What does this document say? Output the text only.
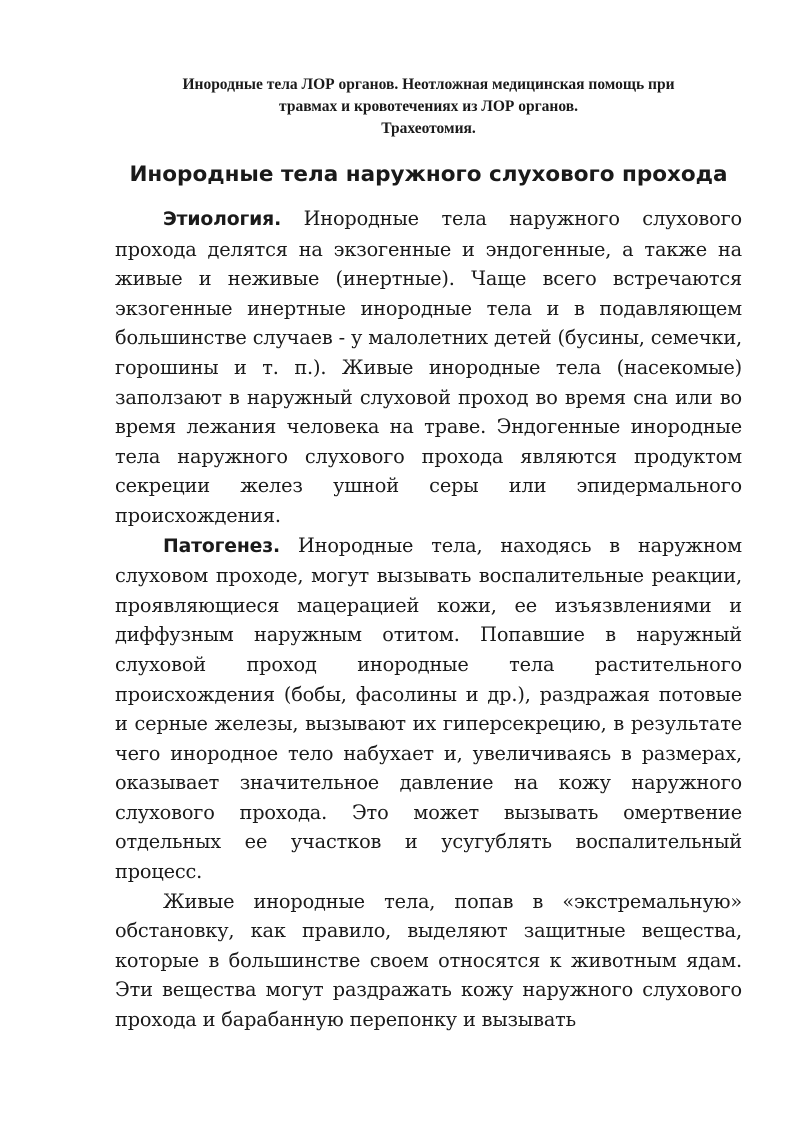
Инородные тела ЛОР органов. Неотложная медицинская помощь при
травмах и кровотечениях из ЛОР органов.
Трахеотомия.
Инородные тела наружного слухового прохода

Этиология. Инородные тела наружного слухового прохода делятся на экзогенные и эндогенные, а также на живые и неживые (инертные). Чаще всего встречаются экзогенные инертные инородные тела и в подавляющем большинстве случаев - у малолетних детей (бусины, семечки, горошины и т. п.). Живые инородные тела (насекомые) заползают в наружный слуховой проход во время сна или во время лежания человека на траве. Эндогенные инородные тела наружного слухового прохода являются продуктом секреции желез ушной серы или эпидермального происхождения.

Патогенез. Инородные тела, находясь в наружном слуховом проходе, могут вызывать воспалительные реакции, проявляющиеся мацерацией кожи, ее изъязвлениями и диффузным наружным отитом. Попавшие в наружный слуховой проход инородные тела растительного происхождения (бобы, фасолины и др.), раздражая потовые и серные железы, вызывают их гиперсекрецию, в результате чего инородное тело набухает и, увеличиваясь в размерах, оказывает значительное давление на кожу наружного слухового прохода. Это может вызывать омертвение отдельных ее участков и усугублять воспалительный процесс.

Живые инородные тела, попав в «экстремальную» обстановку, как правило, выделяют защитные вещества, которые в большинстве своем относятся к животным ядам. Эти вещества могут раздражать кожу наружного слухового прохода и барабанную перепонку и вызывать
